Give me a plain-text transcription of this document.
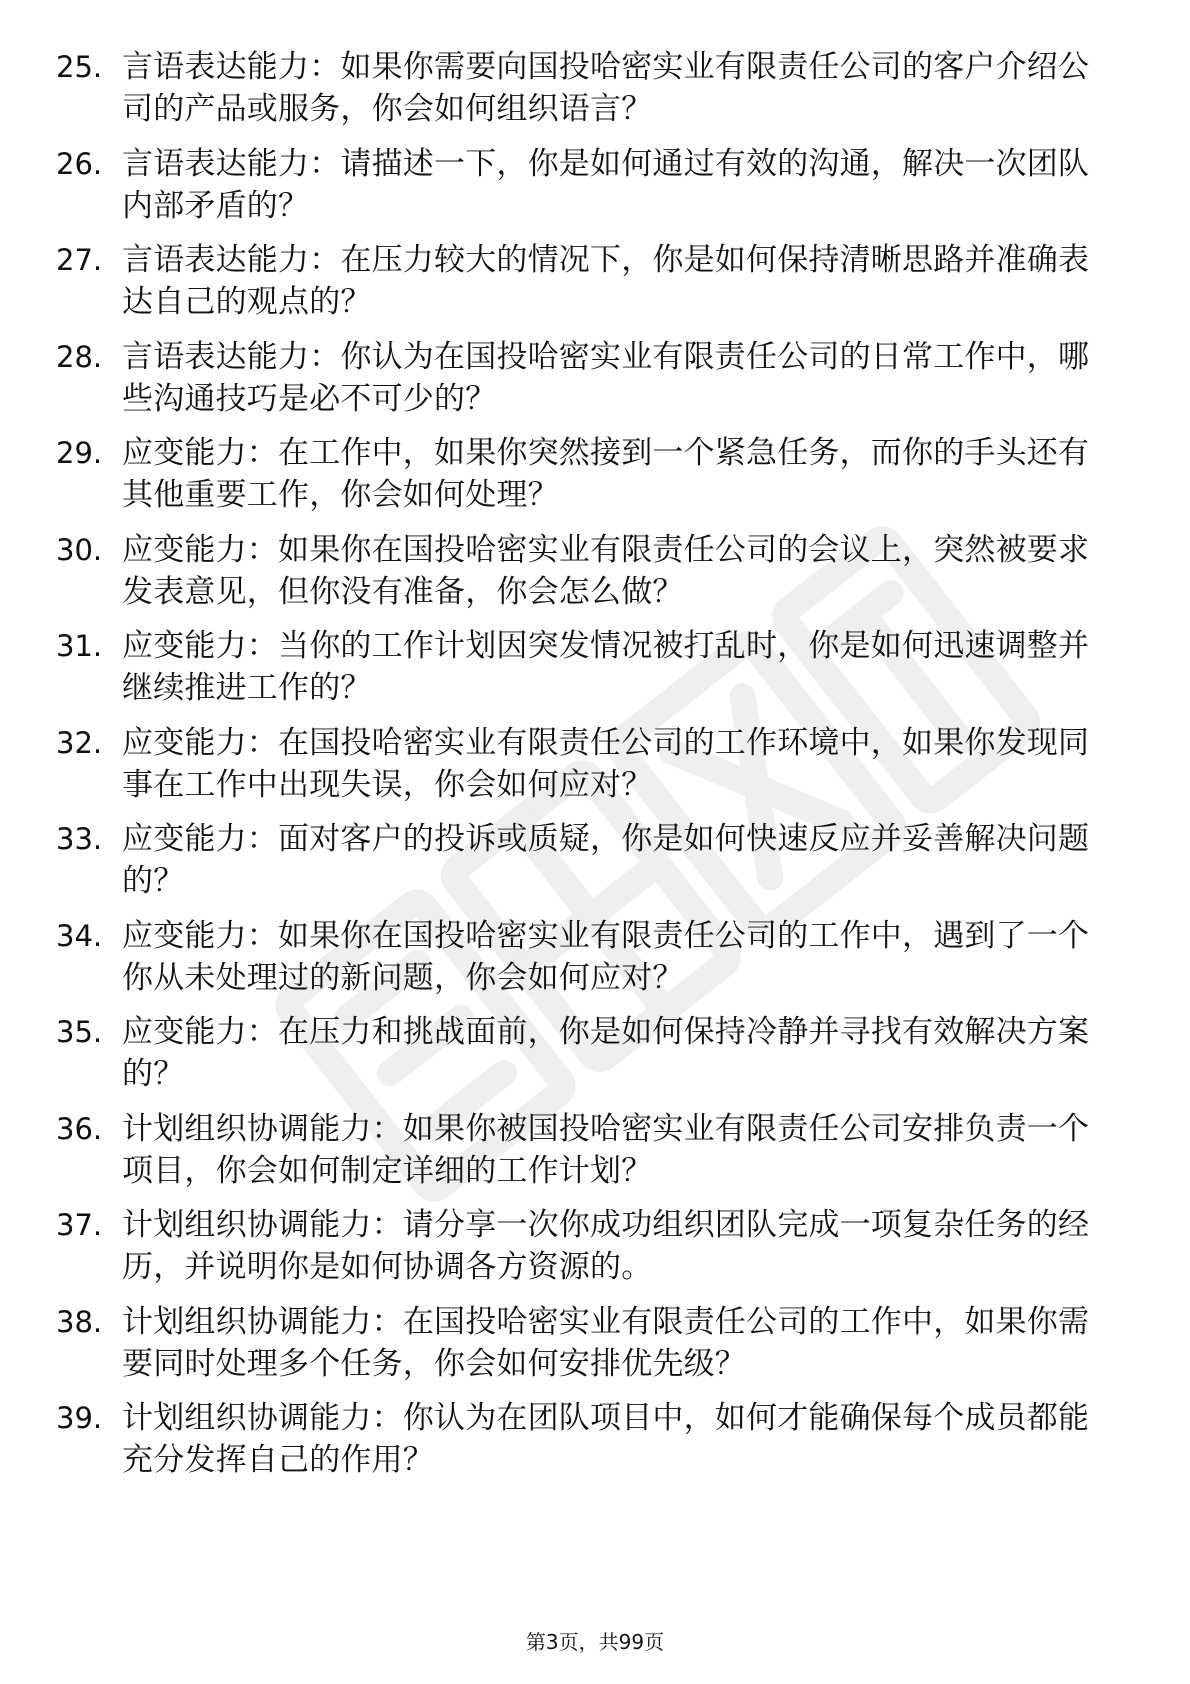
25. 言语表达能力：如果你需要向国投哈密实业有限责任公司的客户介绍公司的产品或服务，你会如何组织语言？
26. 言语表达能力：请描述一下，你是如何通过有效的沟通，解决一次团队内部矛盾的？
27. 言语表达能力：在压力较大的情况下，你是如何保持清晰思路并准确表达自己的观点的？
28. 言语表达能力：你认为在国投哈密实业有限责任公司的日常工作中，哪些沟通技巧是必不可少的？
29. 应变能力：在工作中，如果你突然接到一个紧急任务，而你的手头还有其他重要工作，你会如何处理？
30. 应变能力：如果你在国投哈密实业有限责任公司的会议上，突然被要求发表意见，但你没有准备，你会怎么做？
31. 应变能力：当你的工作计划因突发情况被打乱时，你是如何迅速调整并继续推进工作的？
32. 应变能力：在国投哈密实业有限责任公司的工作环境中，如果你发现同事在工作中出现失误，你会如何应对？
33. 应变能力：面对客户的投诉或质疑，你是如何快速反应并妥善解决问题的？
34. 应变能力：如果你在国投哈密实业有限责任公司的工作中，遇到了一个你从未处理过的新问题，你会如何应对？
35. 应变能力：在压力和挑战面前，你是如何保持冷静并寻找有效解决方案的？
36. 计划组织协调能力：如果你被国投哈密实业有限责任公司安排负责一个项目，你会如何制定详细的工作计划？
37. 计划组织协调能力：请分享一次你成功组织团队完成一项复杂任务的经历，并说明你是如何协调各方资源的。
38. 计划组织协调能力：在国投哈密实业有限责任公司的工作中，如果你需要同时处理多个任务，你会如何安排优先级？
39. 计划组织协调能力：你认为在团队项目中，如何才能确保每个成员都能充分发挥自己的作用？
第3页，共99页
